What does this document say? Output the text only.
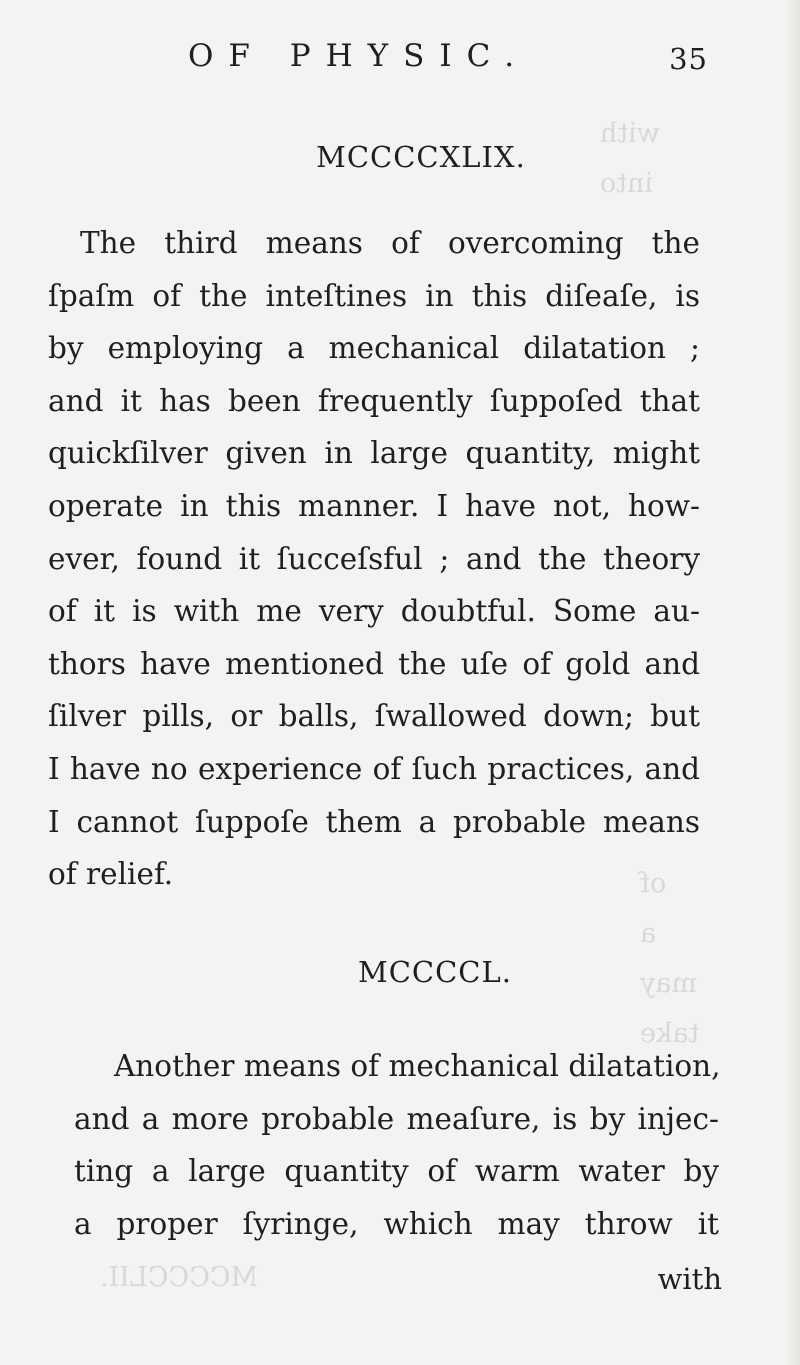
with
into
of
a
may
take
MCCCCLII.
OF PHYSIC.	35
MCCCCXLIX.
The third means of overcoming the
ſpaſm of the inteſtines in this diſeaſe, is
by employing a mechanical dilatation ;
and it has been frequently ſuppoſed that
quickſilver given in large quantity, might
operate in this manner. I have not, how-
ever, found it ſucceſsful ; and the theory
of it is with me very doubtful. Some au-
thors have mentioned the uſe of gold and
ſilver pills, or balls, ſwallowed down; but
I have no experience of ſuch practices, and
I cannot ſuppoſe them a probable means
of relief.
MCCCCL.
Another means of mechanical dilatation,
and a more probable meaſure, is by injec-
ting a large quantity of warm water by
a proper ſyringe, which may throw it
with
